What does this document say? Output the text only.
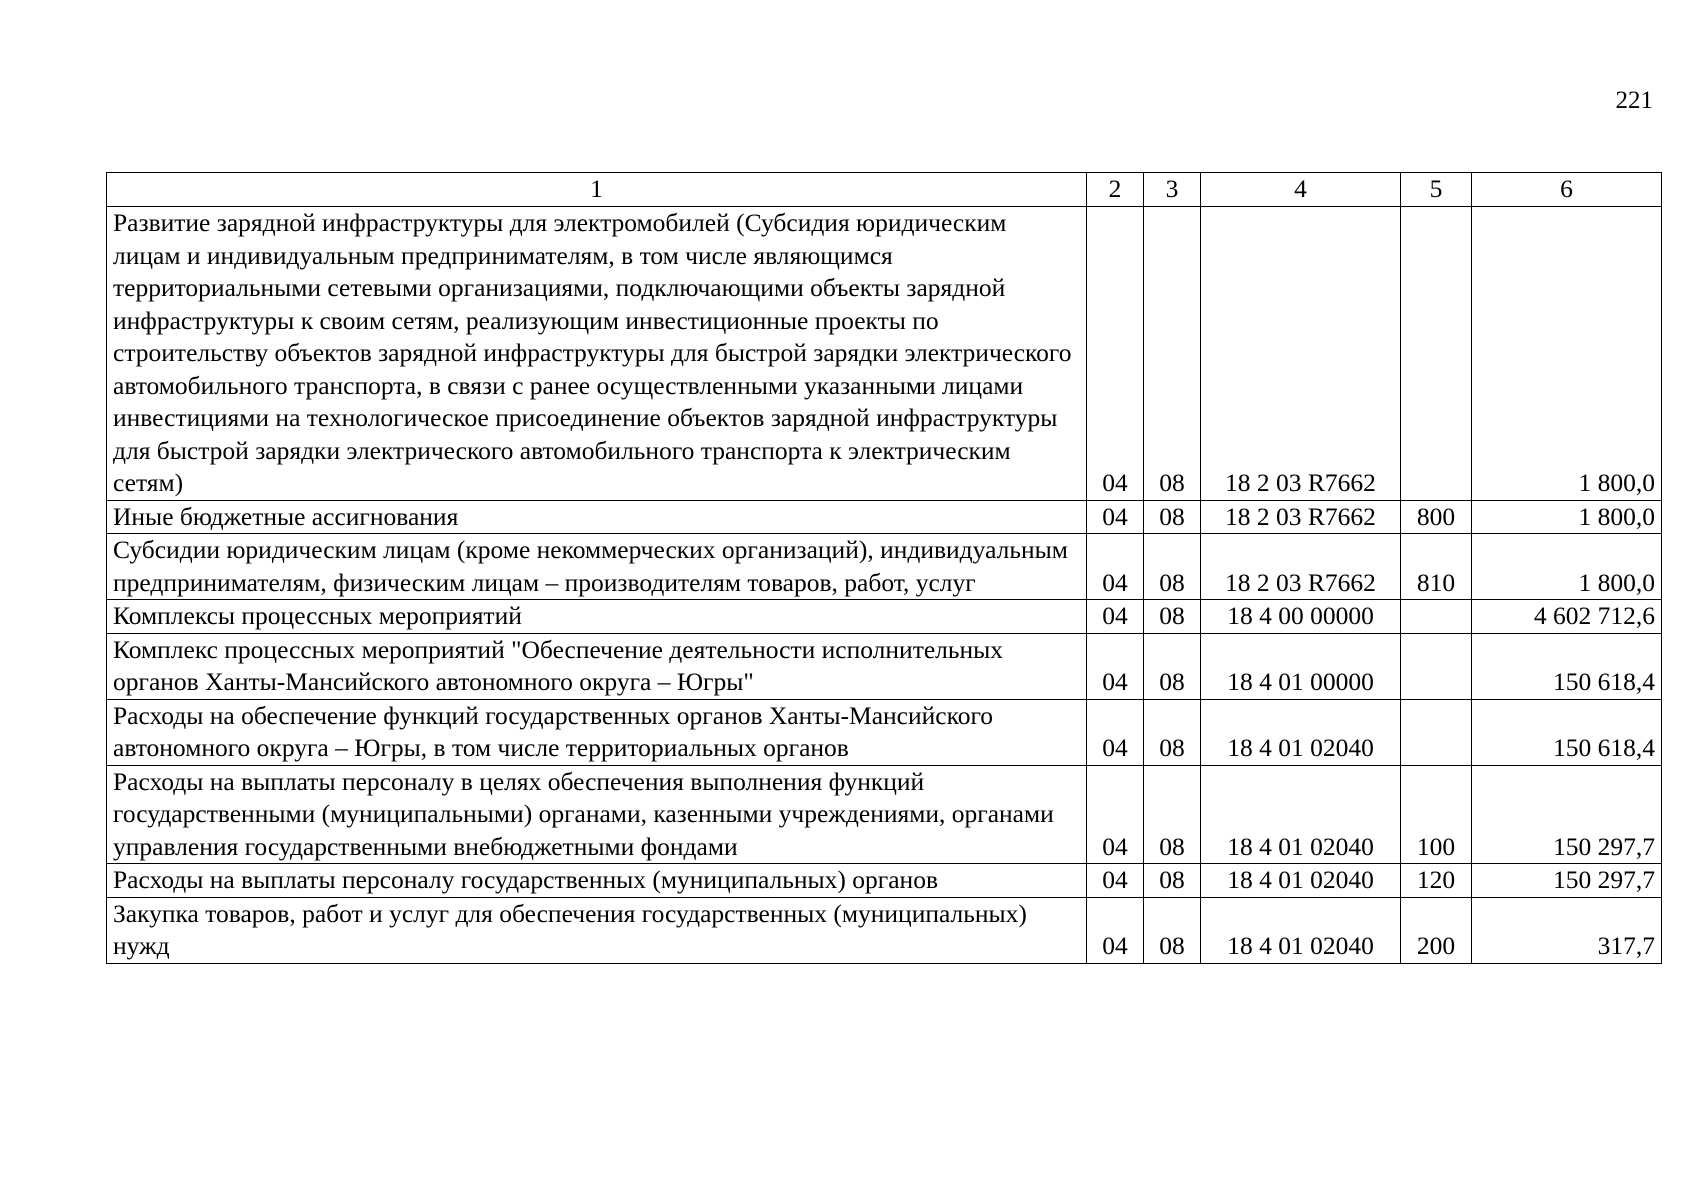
221
1	2	3	4	5	6
Развитие зарядной инфраструктуры для электромобилей (Субсидия юридическим лицам и индивидуальным предпринимателям, в том числе являющимся территориальными сетевыми организациями, подключающими объекты зарядной инфраструктуры к своим сетям, реализующим инвестиционные проекты по строительству объектов зарядной инфраструктуры для быстрой зарядки электрического автомобильного транспорта, в связи с ранее осуществленными указанными лицами инвестициями на технологическое присоединение объектов зарядной инфраструктуры для быстрой зарядки электрического автомобильного транспорта к электрическим сетям)	04	08	18 2 03 R7662		1 800,0
Иные бюджетные ассигнования	04	08	18 2 03 R7662	800	1 800,0
Субсидии юридическим лицам (кроме некоммерческих организаций), индивидуальным предпринимателям, физическим лицам – производителям товаров, работ, услуг	04	08	18 2 03 R7662	810	1 800,0
Комплексы процессных мероприятий	04	08	18 4 00 00000		4 602 712,6
Комплекс процессных мероприятий "Обеспечение деятельности исполнительных органов Ханты-Мансийского автономного округа – Югры"	04	08	18 4 01 00000		150 618,4
Расходы на обеспечение функций государственных органов Ханты-Мансийского автономного округа – Югры, в том числе территориальных органов	04	08	18 4 01 02040		150 618,4
Расходы на выплаты персоналу в целях обеспечения выполнения функций государственными (муниципальными) органами, казенными учреждениями, органами управления государственными внебюджетными фондами	04	08	18 4 01 02040	100	150 297,7
Расходы на выплаты персоналу государственных (муниципальных) органов	04	08	18 4 01 02040	120	150 297,7
Закупка товаров, работ и услуг для обеспечения государственных (муниципальных) нужд	04	08	18 4 01 02040	200	317,7
